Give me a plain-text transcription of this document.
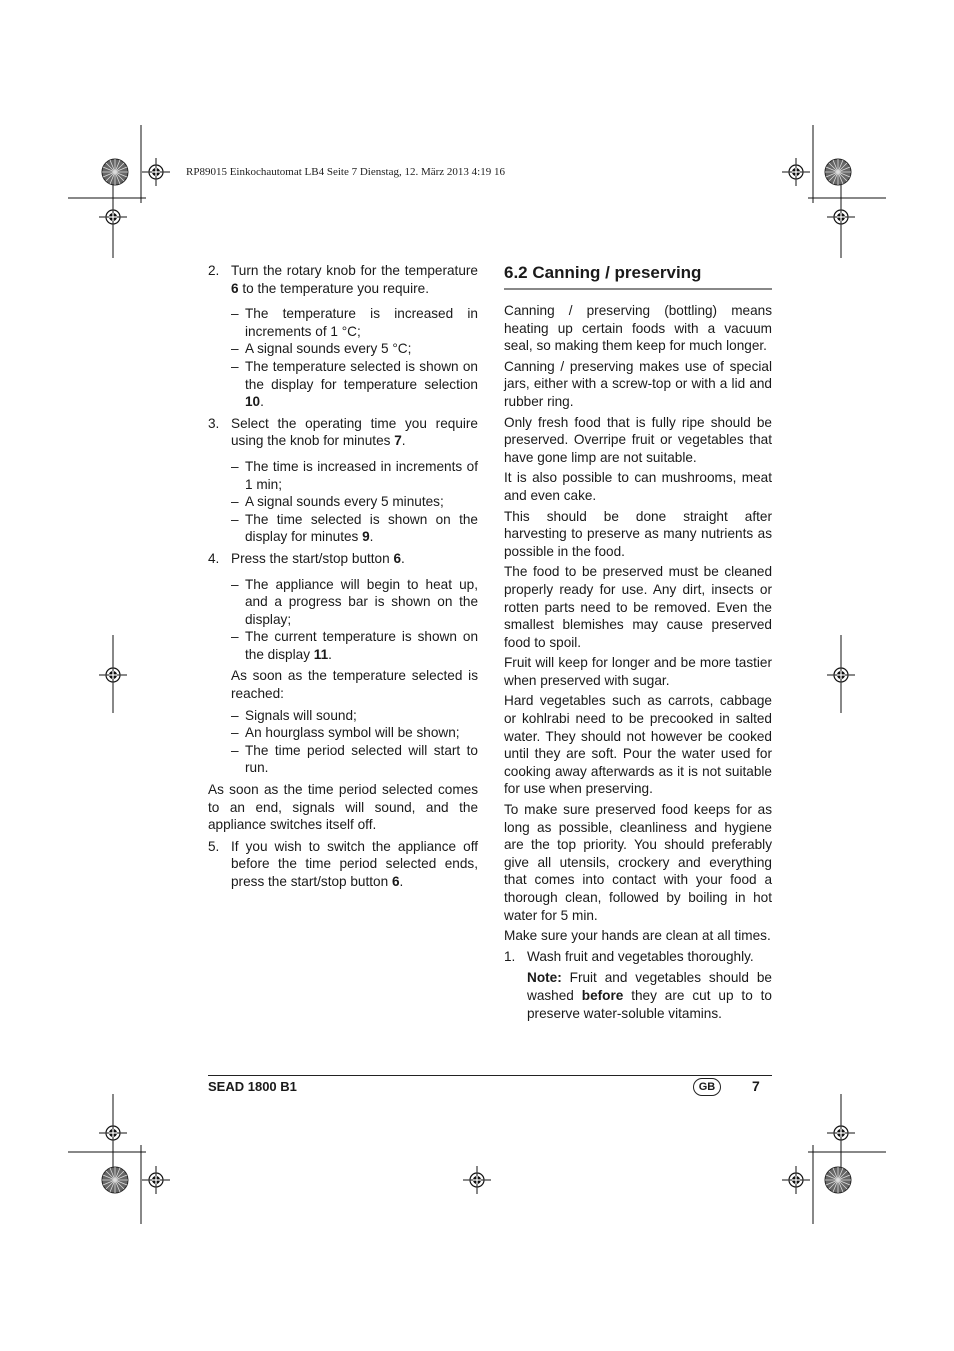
RP89015 Einkochautomat LB4 Seite 7 Dienstag, 12. März 2013 4:19 16
2. Turn the rotary knob for the temperature 6 to the temperature you require.
– The temperature is increased in increments of 1 °C;
– A signal sounds every 5 °C;
– The temperature selected is shown on the display for temperature selection 10.
3. Select the operating time you require using the knob for minutes 7.
– The time is increased in increments of 1 min;
– A signal sounds every 5 minutes;
– The time selected is shown on the display for minutes 9.
4. Press the start/stop button 6.
– The appliance will begin to heat up, and a progress bar is shown on the display;
– The current temperature is shown on the display 11.

As soon as the temperature selected is reached:

– Signals will sound;
– An hourglass symbol will be shown;
– The time period selected will start to run.

As soon as the time period selected comes to an end, signals will sound, and the appliance switches itself off.

5. If you wish to switch the appliance off before the time period selected ends, press the start/stop button 6.
6.2 Canning / preserving

Canning / preserving (bottling) means heating up certain foods with a vacuum seal, so making them keep for much longer.

Canning / preserving makes use of special jars, either with a screw-top or with a lid and rubber ring.

Only fresh food that is fully ripe should be preserved. Overripe fruit or vegetables that have gone limp are not suitable.

It is also possible to can mushrooms, meat and even cake.

This should be done straight after harvesting to preserve as many nutrients as possible in the food.

The food to be preserved must be cleaned properly ready for use. Any dirt, insects or rotten parts need to be removed. Even the smallest blemishes may cause preserved food to spoil.

Fruit will keep for longer and be more tastier when preserved with sugar.

Hard vegetables such as carrots, cabbage or kohlrabi need to be precooked in salted water. They should not however be cooked until they are soft. Pour the water used for cooking away afterwards as it is not suitable for use when preserving.

To make sure preserved food keeps for as long as possible, cleanliness and hygiene are the top priority. You should preferably give all utensils, crockery and everything that comes into contact with your food a thorough clean, followed by boiling in hot water for 5 min.

Make sure your hands are clean at all times.

1. Wash fruit and vegetables thoroughly.

Note: Fruit and vegetables should be washed before they are cut up to to preserve water-soluble vitamins.

SEAD 1800 B1	GB	7
